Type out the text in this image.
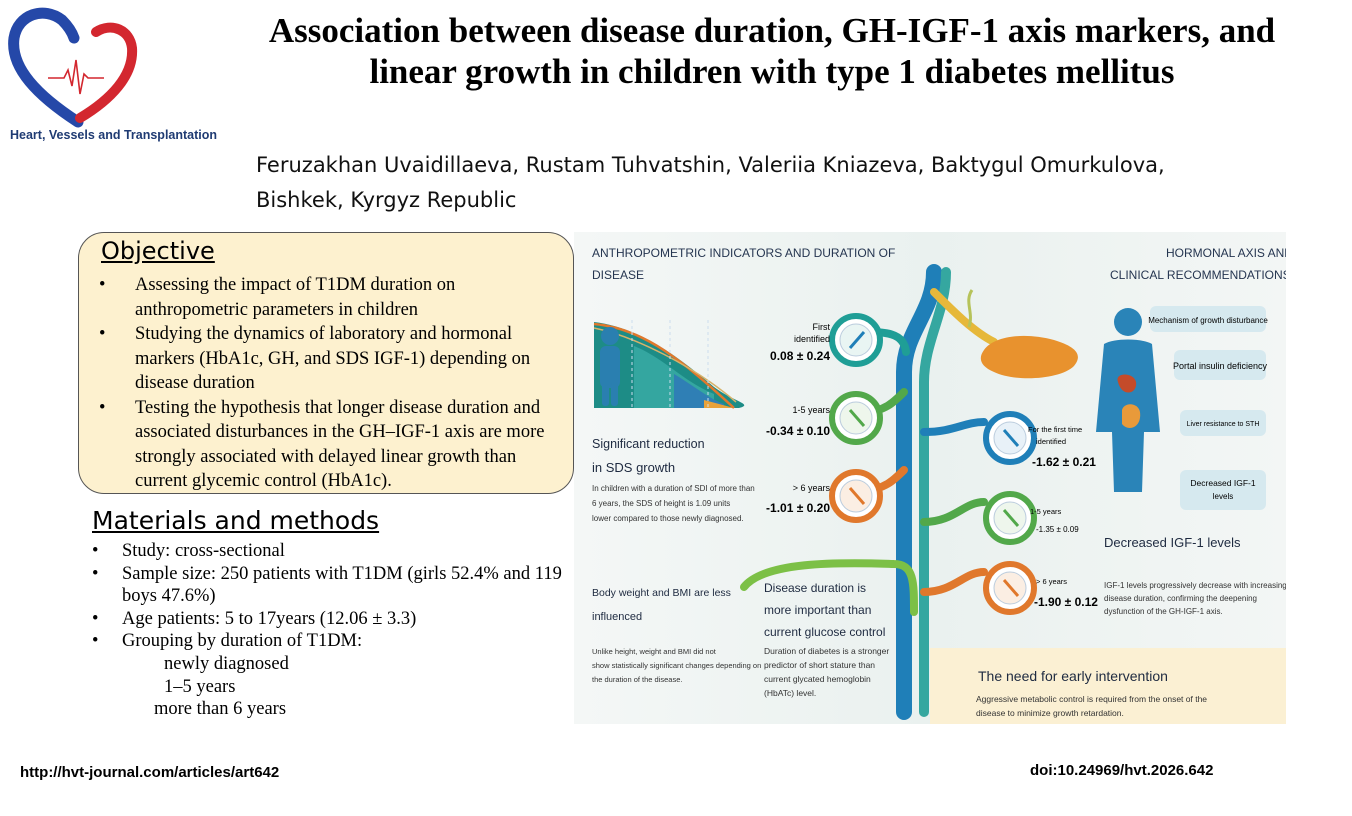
Heart, Vessels and Transplantation
Association between disease duration, GH-IGF-1 axis markers, and linear growth in children with type 1 diabetes mellitus
Feruzakhan Uvaidillaeva, Rustam Tuhvatshin, Valeriia Kniazeva, Baktygul Omurkulova,
Bishkek, Kyrgyz Republic
Objective
• Assessing the impact of T1DM duration on anthropometric parameters in children
• Studying the dynamics of laboratory and hormonal markers (HbA1c, GH, and SDS IGF-1) depending on disease duration
• Testing the hypothesis that longer disease duration and associated disturbances in the GH–IGF-1 axis are more strongly associated with delayed linear growth than current glycemic control (HbA1c).
Materials and methods
• Study: cross-sectional
• Sample size: 250 patients with T1DM (girls 52.4% and 119 boys 47.6%)
• Age patients: 5 to 17years (12.06 ± 3.3)
• Grouping by duration of T1DM:
newly diagnosed
1–5 years
more than 6 years
ANTHROPOMETRIC INDICATORS AND DURATION OF
DISEASE
HORMONAL AXIS AND
CLINICAL RECOMMENDATIONS
First
identified
0.08 ± 0.24
1-5 years
-0.34 ± 0.10
> 6 years
-1.01 ± 0.20
For the first time
identified
-1.62 ± 0.21
1-5 years
-1.35 ± 0.09
> 6 years
-1.90 ± 0.12
Significant reduction
in SDS growth
In children with a duration of SDI of more than
6 years, the SDS of height is 1.09 units
lower compared to those newly diagnosed.
Body weight and BMI are less
influenced
Unlike height, weight and BMI did not
show statistically significant changes depending on
the duration of the disease.
Disease duration is
more important than
current glucose control
Duration of diabetes is a stronger
predictor of short stature than
current glycated hemoglobin
(HbATc) level.
Mechanism of growth disturbance
Portal insulin deficiency
Liver resistance to STH
Decreased IGF-1
levels
Decreased IGF-1 levels
IGF-1 levels progressively decrease with increasing
disease duration, confirming the deepening
dysfunction of the GH-IGF-1 axis.
The need for early intervention
Aggressive metabolic control is required from the onset of the
disease to minimize growth retardation.
http://hvt-journal.com/articles/art642	doi:10.24969/hvt.2026.642
